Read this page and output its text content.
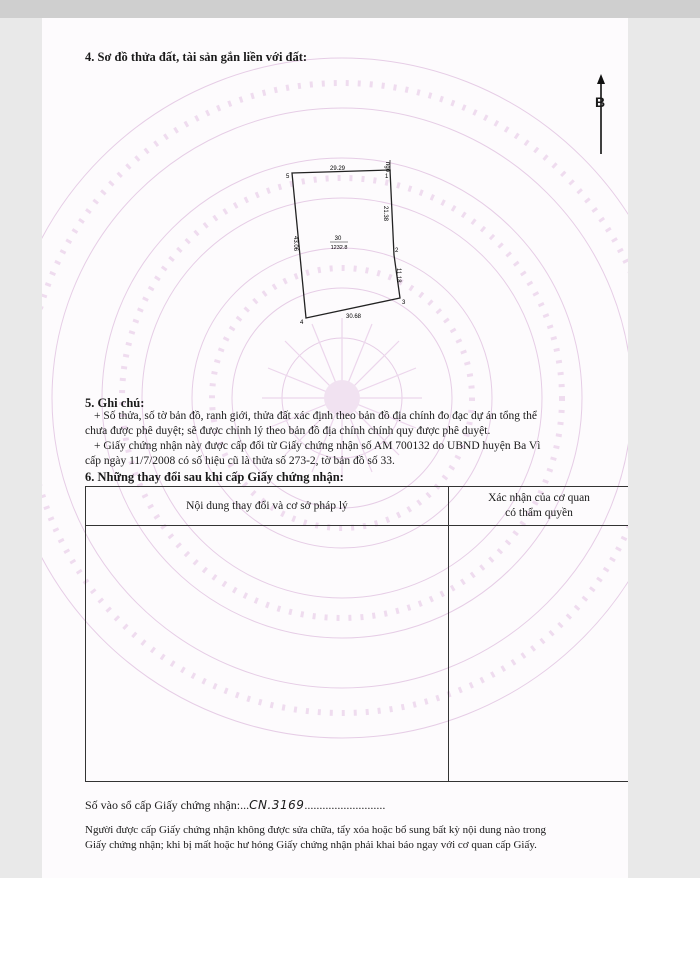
4. Sơ đồ thửa đất, tài sản gắn liền với đất:
B
ngõ
5	1
2
3
4
29.29
21.38
11.18
30.68
43.06	30
1232.8
5. Ghi chú:
+ Số thửa, số tờ bản đồ, ranh giới, thửa đất xác định theo bản đồ địa chính đo đạc dự án tổng thể
chưa được phê duyệt; sẽ được chỉnh lý theo bản đồ địa chính chính quy được phê duyệt.
+ Giấy chứng nhận này được cấp đổi từ Giấy chứng nhận số AM 700132 do UBND huyện Ba Vì
cấp ngày 11/7/2008 có số hiệu cũ là thửa số 273-2, tờ bản đồ số 33.
6. Những thay đổi sau khi cấp Giấy chứng nhận:
Nội dung thay đổi và cơ sở pháp lý	Xác nhận của cơ quan
có thẩm quyền

Số vào sổ cấp Giấy chứng nhận:...CN.3169...........................
Người được cấp Giấy chứng nhận không được sửa chữa, tẩy xóa hoặc bổ sung bất kỳ nội dung nào trong
Giấy chứng nhận; khi bị mất hoặc hư hỏng Giấy chứng nhận phải khai báo ngay với cơ quan cấp Giấy.
